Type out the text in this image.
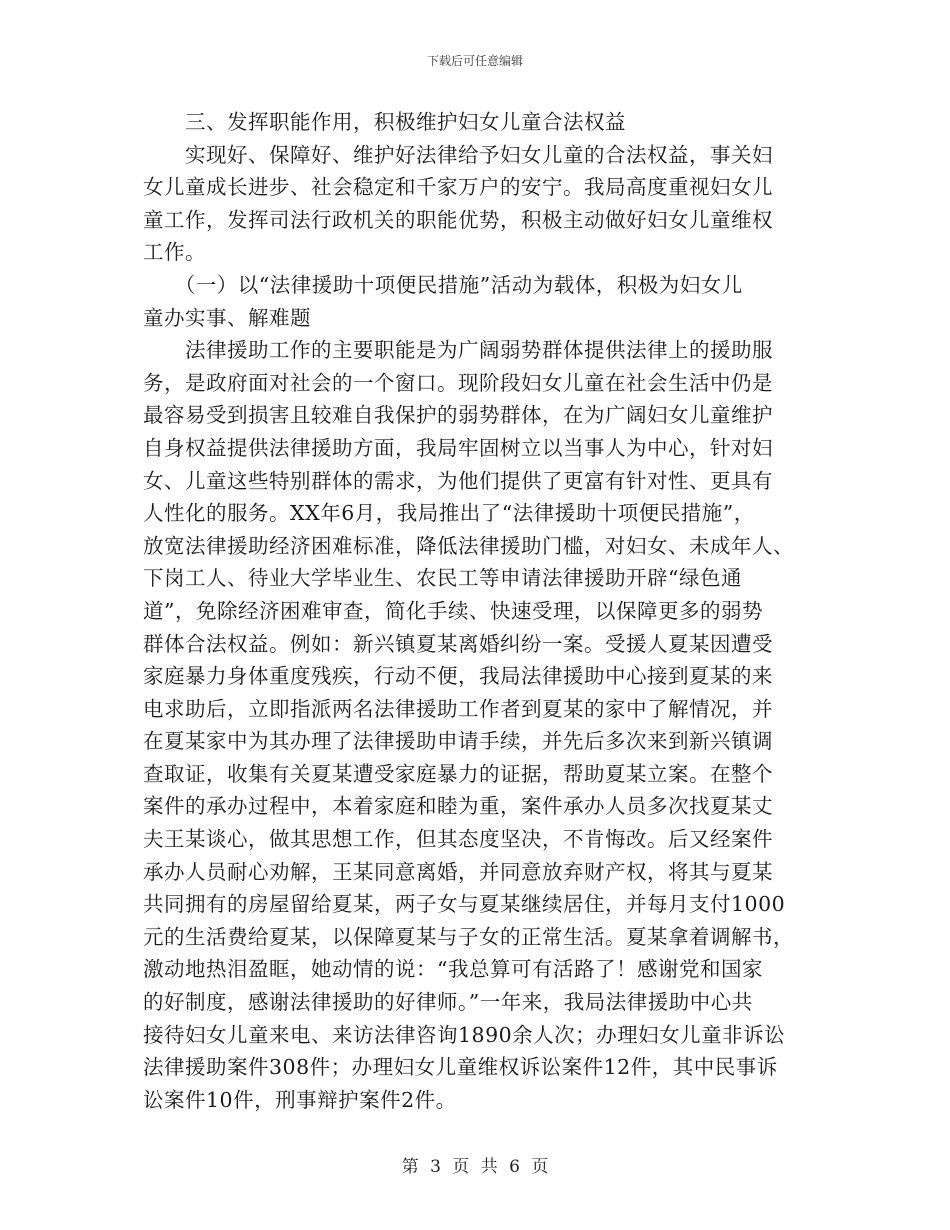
下载后可任意编辑
　　三、发挥职能作用，积极维护妇女儿童合法权益
　　实现好、保障好、维护好法律给予妇女儿童的合法权益，事关妇
女儿童成长进步、社会稳定和千家万户的安宁。我局高度重视妇女儿
童工作，发挥司法行政机关的职能优势，积极主动做好妇女儿童维权
工作。
　　（一）以“法律援助十项便民措施”活动为载体，积极为妇女儿
童办实事、解难题
　　法律援助工作的主要职能是为广阔弱势群体提供法律上的援助服
务，是政府面对社会的一个窗口。现阶段妇女儿童在社会生活中仍是
最容易受到损害且较难自我保护的弱势群体，在为广阔妇女儿童维护
自身权益提供法律援助方面，我局牢固树立以当事人为中心，针对妇
女、儿童这些特别群体的需求，为他们提供了更富有针对性、更具有
人性化的服务。XX年6月，我局推出了“法律援助十项便民措施”，
放宽法律援助经济困难标准，降低法律援助门槛，对妇女、未成年人、
下岗工人、待业大学毕业生、农民工等申请法律援助开辟“绿色通
道”，免除经济困难审查，简化手续、快速受理，以保障更多的弱势
群体合法权益。例如：新兴镇夏某离婚纠纷一案。受援人夏某因遭受
家庭暴力身体重度残疾，行动不便，我局法律援助中心接到夏某的来
电求助后，立即指派两名法律援助工作者到夏某的家中了解情况，并
在夏某家中为其办理了法律援助申请手续，并先后多次来到新兴镇调
查取证，收集有关夏某遭受家庭暴力的证据，帮助夏某立案。在整个
案件的承办过程中，本着家庭和睦为重，案件承办人员多次找夏某丈
夫王某谈心，做其思想工作，但其态度坚决，不肯悔改。后又经案件
承办人员耐心劝解，王某同意离婚，并同意放弃财产权，将其与夏某
共同拥有的房屋留给夏某，两子女与夏某继续居住，并每月支付1000
元的生活费给夏某，以保障夏某与子女的正常生活。夏某拿着调解书，
激动地热泪盈眶，她动情的说：“我总算可有活路了！感谢党和国家
的好制度，感谢法律援助的好律师。”一年来，我局法律援助中心共
接待妇女儿童来电、来访法律咨询1890余人次；办理妇女儿童非诉讼
法律援助案件308件；办理妇女儿童维权诉讼案件12件，其中民事诉
讼案件10件，刑事辩护案件2件。
第 3 页 共 6 页
